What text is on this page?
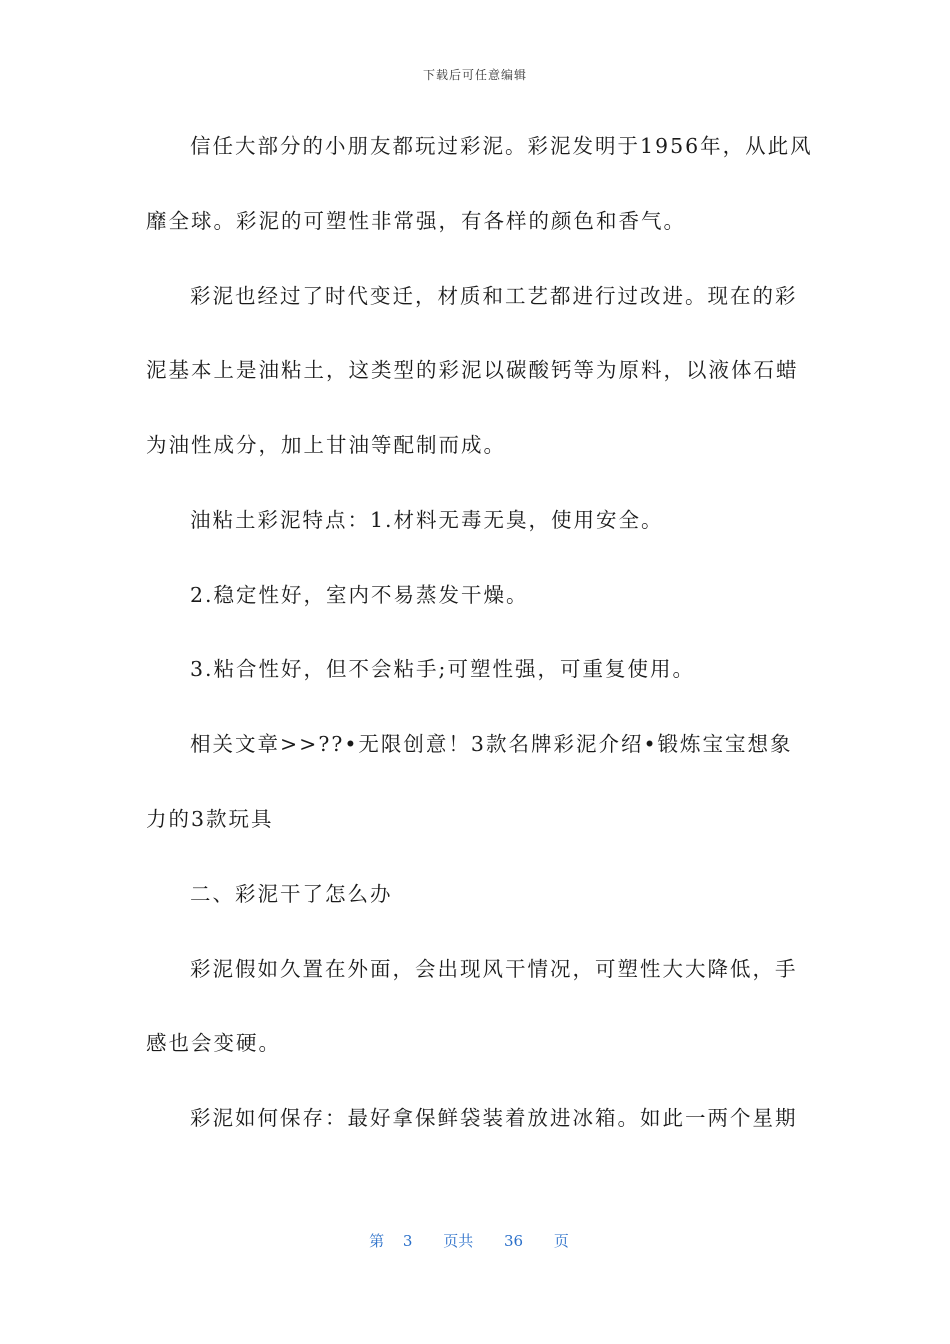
下载后可任意编辑
信任大部分的小朋友都玩过彩泥。彩泥发明于1956年，从此风
靡全球。彩泥的可塑性非常强，有各样的颜色和香气。
彩泥也经过了时代变迁，材质和工艺都进行过改进。现在的彩
泥基本上是油粘土，这类型的彩泥以碳酸钙等为原料，以液体石蜡
为油性成分，加上甘油等配制而成。
油粘土彩泥特点：1.材料无毒无臭，使用安全。
2.稳定性好，室内不易蒸发干燥。
3.粘合性好，但不会粘手;可塑性强，可重复使用。
相关文章>>??•无限创意！3款名牌彩泥介绍•锻炼宝宝想象
力的3款玩具
二、彩泥干了怎么办
彩泥假如久置在外面，会出现风干情况，可塑性大大降低，手
感也会变硬。
彩泥如何保存：最好拿保鲜袋装着放进冰箱。如此一两个星期
第 3 页共 36 页
